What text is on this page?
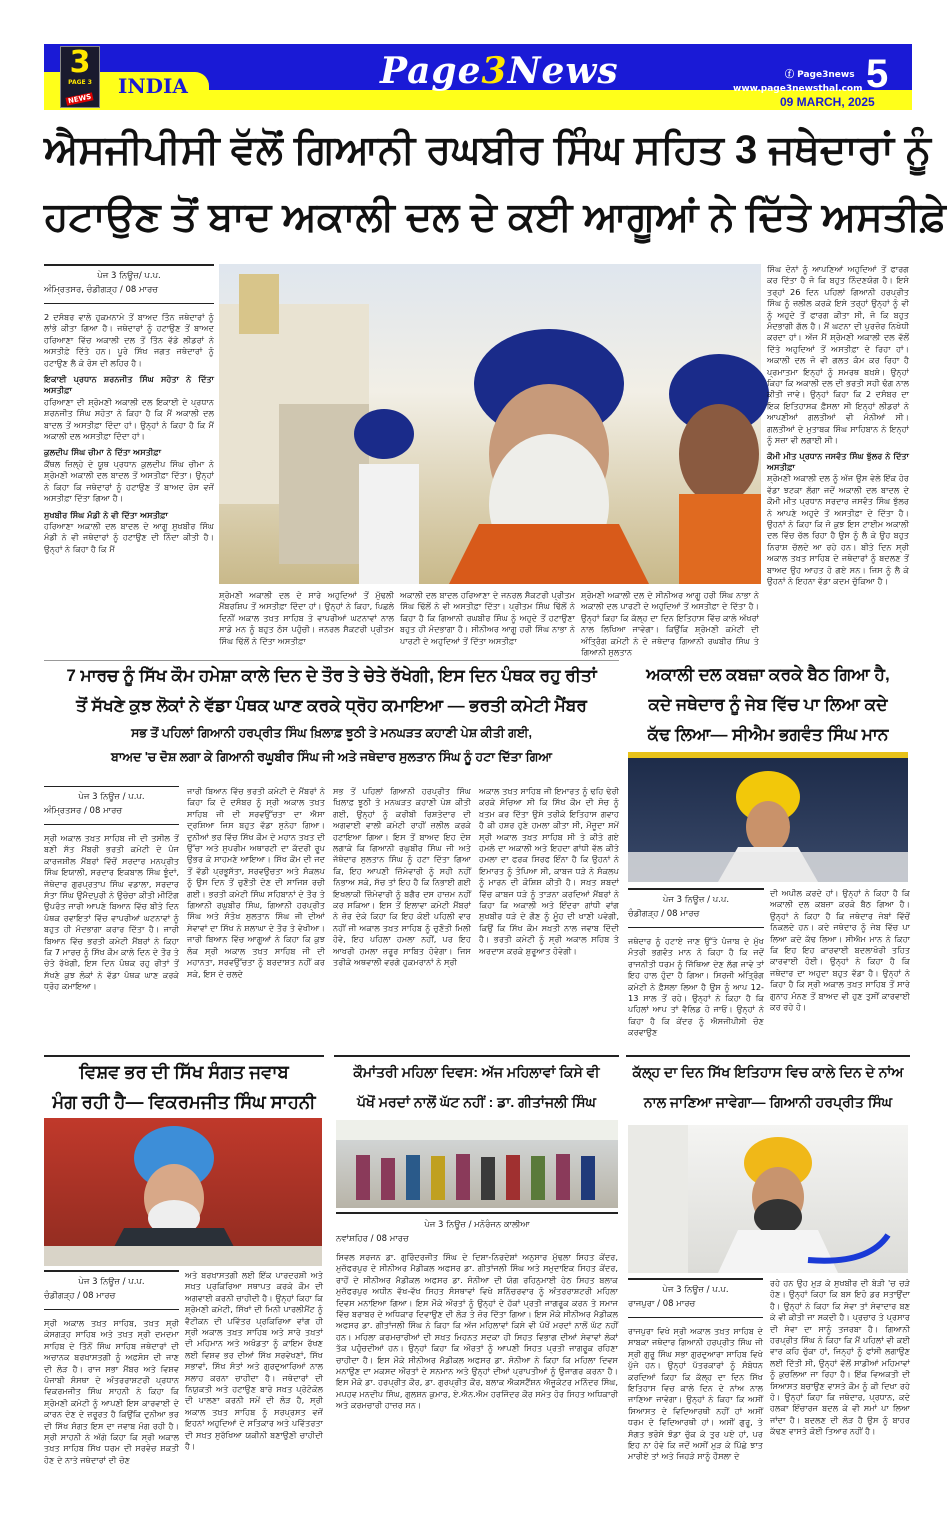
3
PAGE 3
NEWS
INDIA	Page3News	ⓕ Page3news
www.page3newsthal.com 5
09 MARCH, 2025
ਐਸਜੀਪੀਸੀ ਵੱਲੋਂ ਗਿਆਨੀ ਰਘਬੀਰ ਸਿੰਘ ਸਹਿਤ 3 ਜਥੇਦਾਰਾਂ ਨੂੰ
ਹਟਾਉਣ ਤੋਂ ਬਾਦ ਅਕਾਲੀ ਦਲ ਦੇ ਕਈ ਆਗੂਆਂ ਨੇ ਦਿੱਤੇ ਅਸਤੀਫ਼ੇ
ਪੇਜ 3 ਨਿਊਜ਼/ ਪ.ਪ.
ਅੰਮ੍ਰਿਤਸਰ, ਚੰਡੀਗੜ੍ਹ / 08 ਮਾਰਚ

2 ਦਸੰਬਰ ਵਾਲੇ ਹੁਕਮਨਾਮੇ ਤੋਂ ਬਾਅਦ ਤਿੰਨ ਜਥੇਦਾਰਾਂ ਨੂੰ ਲਾਂਭੇ ਕੀਤਾ ਗਿਆ ਹੈ। ਜਥੇਦਾਰਾਂ ਨੂੰ ਹਟਾਉਣ ਤੋਂ ਬਾਅਦ ਹਰਿਆਣਾ ਵਿੱਚ ਅਕਾਲੀ ਦਲ ਤੋਂ ਤਿੰਨ ਵੱਡੇ ਲੀਡਰਾਂ ਨੇ ਅਸਤੀਫ਼ੇ ਦਿੱਤੇ ਹਨ। ਪੂਰੇ ਸਿੱਖ ਜਗਤ ਜਥੇਦਾਰਾਂ ਨੂੰ ਹਟਾਉਣ ਲੈ ਕੇ ਰੋਸ ਦੀ ਲਹਿਰ ਹੈ।

ਇਕਾਈ ਪ੍ਰਧਾਨ ਸ਼ਰਨਜੀਤ ਸਿੰਘ ਸਹੋਤਾ ਨੇ ਦਿੱਤਾ ਅਸਤੀਫ਼ਾ

ਹਰਿਆਣਾ ਦੀ ਸ਼੍ਰੋਮਣੀ ਅਕਾਲੀ ਦਲ ਇਕਾਈ ਦੇ ਪ੍ਰਧਾਨ ਸ਼ਰਨਜੀਤ ਸਿੰਘ ਸਹੋਤਾ ਨੇ ਕਿਹਾ ਹੈ ਕਿ ਮੈਂ ਅਕਾਲੀ ਦਲ ਬਾਦਲ ਤੋਂ ਅਸਤੀਫ਼ਾ ਦਿੰਦਾ ਹਾਂ। ਉਨ੍ਹਾਂ ਨੇ ਕਿਹਾ ਹੈ ਕਿ ਮੈਂ ਅਕਾਲੀ ਦਲ ਅਸਤੀਫ਼ਾ ਦਿੰਦਾ ਹਾਂ।

ਕੁਲਦੀਪ ਸਿੰਘ ਚੀਮਾ ਨੇ ਦਿੱਤਾ ਅਸਤੀਫ਼ਾ

ਕੈਂਥਲ ਜ਼ਿਲ੍ਹੇ ਦੇ ਯੂਥ ਪ੍ਰਧਾਨ ਕੁਲਦੀਪ ਸਿੰਘ ਚੀਮਾ ਨੇ ਸ਼੍ਰੋਮਣੀ ਅਕਾਲੀ ਦਲ ਬਾਦਲ ਤੋਂ ਅਸਤੀਫ਼ਾ ਦਿੱਤਾ। ਉਨ੍ਹਾਂ ਨੇ ਕਿਹਾ ਕਿ ਜਥੇਦਾਰਾਂ ਨੂੰ ਹਟਾਉਣ ਤੋਂ ਬਾਅਦ ਰੋਸ ਵਜੋਂ ਅਸਤੀਫ਼ਾ ਦਿੱਤਾ ਗਿਆ ਹੈ।

ਸੁਖਬੀਰ ਸਿੰਘ ਮੰਡੀ ਨੇ ਵੀ ਦਿੱਤਾ ਅਸਤੀਫ਼ਾ

ਹਰਿਆਣਾ ਅਕਾਲੀ ਦਲ ਬਾਦਲ ਦੇ ਆਗੂ ਸੁਖਬੀਰ ਸਿੰਘ ਮੰਡੀ ਨੇ ਵੀ ਜਥੇਦਾਰਾਂ ਨੂੰ ਹਟਾਉਣ ਦੀ ਨਿੰਦਾ ਕੀਤੀ ਹੈ। ਉਨ੍ਹਾਂ ਨੇ ਕਿਹਾ ਹੈ ਕਿ ਮੈਂ

ਸ਼੍ਰੋਮਣੀ ਅਕਾਲੀ ਦਲ ਦੇ ਸਾਰੇ ਅਹੁਦਿਆਂ ਤੋਂ ਮੁੱਢਲੀ ਮੈਂਬਰਸ਼ਿਪ ਤੋਂ ਅਸਤੀਫ਼ਾ ਦਿੰਦਾ ਹਾਂ। ਉਨ੍ਹਾਂ ਨੇ ਕਿਹਾ, ਪਿਛਲੇ ਦਿਨੀਂ ਅਕਾਲ ਤਖ਼ਤ ਸਾਹਿਬ ਤੇ ਵਾਪਰੀਆਂ ਘਟਨਾਵਾਂ ਨਾਲ ਸਾਡੇ ਮਨ ਨੂੰ ਬਹੁਤ ਠੇਸ ਪਹੁੰਚੀ। ਜਨਰਲ ਸੈਕਟਰੀ ਪ੍ਰੀਤਮ ਸਿੰਘ ਢਿੱਲੋਂ ਨੇ ਦਿੱਤਾ ਅਸਤੀਫ਼ਾ
ਅਕਾਲੀ ਦਲ ਬਾਦਲ ਹਰਿਆਣਾ ਦੇ ਜਨਰਲ ਸੈਕਟਰੀ ਪ੍ਰੀਤਮ ਸਿੰਘ ਢਿੱਲੋਂ ਨੇ ਵੀ ਅਸਤੀਫ਼ਾ ਦਿੱਤਾ। ਪ੍ਰੀਤਮ ਸਿੰਘ ਢਿੱਲੋਂ ਨੇ ਕਿਹਾ ਹੈ ਕਿ ਗਿਆਨੀ ਰਘਬੀਰ ਸਿੰਘ ਨੂੰ ਅਹੁਦੇ ਤੋਂ ਹਟਾਉਣਾ ਬਹੁਤ ਹੀ ਮੰਦਭਾਗਾ ਹੈ। ਸੀਨੀਅਰ ਆਗੂ ਹਰੀ ਸਿੰਘ ਨਾਭਾ ਨੇ ਪਾਰਟੀ ਦੇ ਅਹੁਦਿਆਂ ਤੋਂ ਦਿੱਤਾ ਅਸਤੀਫ਼ਾ
ਸ਼੍ਰੋਮਣੀ ਅਕਾਲੀ ਦਲ ਦੇ ਸੀਨੀਅਰ ਆਗੂ ਹਰੀ ਸਿੰਘ ਨਾਭਾ ਨੇ ਅਕਾਲੀ ਦਲ ਪਾਰਟੀ ਦੇ ਅਹੁਦਿਆਂ ਤੋਂ ਅਸਤੀਫ਼ਾ ਦੇ ਦਿੱਤਾ ਹੈ। ਉਨ੍ਹਾਂ ਕਿਹਾ ਕਿ ਕੱਲ੍ਹ ਦਾ ਦਿਨ ਇਤਿਹਾਸ ਵਿੱਚ ਕਾਲੇ ਅੱਖਰਾਂ ਨਾਲ ਲਿਖਿਆ ਜਾਵੇਗਾ। ਕਿਉਂਕਿ ਸ਼੍ਰੋਮਣੀ ਕਮੇਟੀ ਦੀ ਅੰਤ੍ਰਿੰਗ ਕਮੇਟੀ ਨੇ ਦੋ ਜਥੇਦਾਰ ਗਿਆਨੀ ਰਘਬੀਰ ਸਿੰਘ ਤੇ ਗਿਆਨੀ ਸੁਲਤਾਨ

ਸਿੰਘ ਦੋਨਾਂ ਨੂੰ ਆਪਣਿਆਂ ਅਹੁਦਿਆਂ ਤੋਂ ਫਾਰਗ ਕਰ ਦਿੱਤਾ ਹੈ ਜੋ ਕਿ ਬਹੁਤ ਨਿੰਦਣਯੋਗ ਹੈ। ਇਸੇ ਤਰ੍ਹਾਂ 26 ਦਿਨ ਪਹਿਲਾਂ ਗਿਆਨੀ ਹਰਪ੍ਰੀਤ ਸਿੰਘ ਨੂੰ ਜ਼ਲੀਲ ਕਰਕੇ ਇਸੇ ਤਰ੍ਹਾਂ ਉਨ੍ਹਾਂ ਨੂੰ ਵੀ ਨੂੰ ਅਹੁਦੇ ਤੋਂ ਫਾਰਗ ਕੀਤਾ ਸੀ, ਜੋ ਕਿ ਬਹੁਤ ਮੰਦਭਾਗੀ ਗੱਲ ਹੈ। ਮੈਂ ਘਟਨਾ ਦੀ ਪੁਰਜ਼ੋਰ ਨਿਖੇਧੀ ਕਰਦਾ ਹਾਂ। ਅੱਜ ਮੈਂ ਸ਼੍ਰੋਮਣੀ ਅਕਾਲੀ ਦਲ ਵੱਲੋਂ ਦਿੱਤੇ ਅਹੁਦਿਆਂ ਤੋਂ ਅਸਤੀਫ਼ਾ ਦੇ ਰਿਹਾ ਹਾਂ। ਅਕਾਲੀ ਦਲ ਜੋ ਵੀ ਗਲਤ ਕੰਮ ਕਰ ਰਿਹਾ ਹੈ ਪ੍ਰਮਾਤਮਾ ਇਨ੍ਹਾਂ ਨੂੰ ਸਮਰਥ ਬਖ਼ਸ਼ੇ। ਉਨ੍ਹਾਂ ਕਿਹਾ ਕਿ ਅਕਾਲੀ ਦਲ ਦੀ ਭਰਤੀ ਸਹੀ ਢੰਗ ਨਾਲ ਕੀਤੀ ਜਾਵੇ। ਉਨ੍ਹਾਂ ਕਿਹਾ ਕਿ 2 ਦਸੰਬਰ ਦਾ ਇਕ ਇਤਿਹਾਸਕ ਫ਼ੈਸਲਾ ਸੀ ਇਨ੍ਹਾਂ ਲੀਡਰਾਂ ਨੇ ਆਪਣੀਆਂ ਗਲਤੀਆਂ ਵੀ ਮੰਨੀਆਂ ਸੀ। ਗਲਤੀਆਂ ਦੇ ਮੁਤਾਬਕ ਸਿੰਘ ਸਾਹਿਬਾਨ ਨੇ ਇਨ੍ਹਾਂ ਨੂੰ ਸਜ਼ਾ ਵੀ ਲਗਾਈ ਸੀ।

ਕੌਮੀ ਮੀਤ ਪ੍ਰਧਾਨ ਜਸਵੰਤ ਸਿੰਘ ਝੁੱਲਰ ਨੇ ਦਿੱਤਾ ਅਸਤੀਫ਼ਾ

ਸ਼੍ਰੋਮਣੀ ਅਕਾਲੀ ਦਲ ਨੂੰ ਅੱਜ ਉਸ ਵੇਲੇ ਇੱਕ ਹੋਰ ਵੱਡਾ ਝਟਕਾ ਲੱਗਾ ਜਦੋਂ ਅਕਾਲੀ ਦਲ ਬਾਦਲ ਦੇ ਕੌਮੀ ਮੀਤ ਪ੍ਰਧਾਨ ਸਰਦਾਰ ਜਸਵੰਤ ਸਿੰਘ ਝੁੱਲਰ ਨੇ ਆਪਣੇ ਅਹੁਦੇ ਤੋਂ ਅਸਤੀਫ਼ਾ ਦੇ ਦਿੱਤਾ ਹੈ। ਉਹਨਾਂ ਨੇ ਕਿਹਾ ਕਿ ਜੋ ਕੁਝ ਇਸ ਟਾਈਮ ਅਕਾਲੀ ਦਲ ਵਿੱਚ ਚੱਲ ਰਿਹਾ ਹੈ ਉਸ ਨੂੰ ਲੈ ਕੇ ਉਹ ਬਹੁਤ ਨਿਰਾਸ਼ ਚੱਲਦੇ ਆ ਰਹੇ ਹਨ। ਬੀਤੇ ਦਿਨ ਸ੍ਰੀ ਅਕਾਲ ਤਖ਼ਤ ਸਾਹਿਬ ਦੇ ਜਥੇਦਾਰਾਂ ਨੂੰ ਬਦਲਣ ਤੋਂ ਬਾਅਦ ਉਹ ਆਹਤ ਹੋ ਗਏ ਸਨ। ਜਿਸ ਨੂੰ ਲੈ ਕੇ ਉਹਨਾਂ ਨੇ ਇਹਨਾ ਵੱਡਾ ਕਦਮ ਚੁੱਕਿਆ ਹੈ।

7 ਮਾਰਚ ਨੂੰ ਸਿੱਖ ਕੌਮ ਹਮੇਸ਼ਾ ਕਾਲੇ ਦਿਨ ਦੇ ਤੌਰ ਤੇ ਚੇਤੇ ਰੱਖੇਗੀ, ਇਸ ਦਿਨ ਪੰਥਕ ਰਹੁ ਰੀਤਾਂ
ਤੋਂ ਸੱਖਣੇ ਕੁਝ ਲੋਕਾਂ ਨੇ ਵੱਡਾ ਪੰਥਕ ਘਾਣ ਕਰਕੇ ਧ੍ਰੋਹ ਕਮਾਇਆ — ਭਰਤੀ ਕਮੇਟੀ ਮੈਂਬਰ
ਸਭ ਤੋਂ ਪਹਿਲਾਂ ਗਿਆਨੀ ਹਰਪ੍ਰੀਤ ਸਿੰਘ ਖ਼ਿਲਾਫ਼ ਝੂਠੀ ਤੇ ਮਨਘੜਤ ਕਹਾਣੀ ਪੇਸ਼ ਕੀਤੀ ਗਈ,
ਬਾਅਦ 'ਚ ਦੋਸ਼ ਲਗਾ ਕੇ ਗਿਆਨੀ ਰਘੂਬੀਰ ਸਿੰਘ ਜੀ ਅਤੇ ਜਥੇਦਾਰ ਸੁਲਤਾਨ ਸਿੰਘ ਨੂੰ ਹਟਾ ਦਿੱਤਾ ਗਿਆ
ਪੇਜ 3 ਨਿਊਜ਼ / ਪ.ਪ.
ਅੰਮ੍ਰਿਤਸਰ / 08 ਮਾਰਚ

ਸ੍ਰੀ ਅਕਾਲ ਤਖ਼ਤ ਸਾਹਿਬ ਜੀ ਦੀ ਤਸੀਲ ਤੋਂ ਬਣੀ ਸੱਤ ਮੈਂਬਰੀ ਭਰਤੀ ਕਮੇਟੀ ਦੇ ਪੰਜ ਕਾਰਜਸ਼ੀਲ ਮੈਂਬਰਾਂ ਵਿੱਚੋਂ ਸਰਦਾਰ ਮਨਪ੍ਰੀਤ ਸਿੰਘ ਇਯਾਲੀ, ਸਰਦਾਰ ਇਕਬਾਲ ਸਿੰਘ ਝੂੰਦਾਂ, ਜੱਥੇਦਾਰ ਗੁਰਪ੍ਰਤਾਪ ਸਿੰਘ ਵਡਾਲਾ, ਸਰਦਾਰ ਸੰਤਾ ਸਿੰਘ ਉਮੈਦਪੁਰੀ ਨੇ ਉਚੇਚਾ ਕੀਤੀ ਮੀਟਿੰਗ ਉਪਰੰਤ ਜਾਰੀ ਆਪਣੇ ਬਿਆਨ ਵਿੱਚ ਬੀਤੇ ਦਿਨ ਪੰਥਕ ਰਵਾਇਤਾਂ ਵਿੱਚ ਵਾਪਰੀਆਂ ਘਟਨਾਵਾਂ ਨੂੰ ਬਹੁਤ ਹੀ ਮੰਦਭਾਗਾ ਕਰਾਰ ਦਿੱਤਾ ਹੈ। ਜਾਰੀ ਬਿਆਨ ਵਿੱਚ ਭਰਤੀ ਕਮੇਟੀ ਮੈਂਬਰਾਂ ਨੇ ਕਿਹਾ ਕਿ 7 ਮਾਰਚ ਨੂੰ ਸਿੱਖ ਕੌਮ ਕਾਲੇ ਦਿਨ ਦੇ ਤੌਰ ਤੇ ਚੇਤੇ ਰੱਖੇਗੀ, ਇਸ ਦਿਨ ਪੰਥਕ ਰਹੁ ਰੀਤਾਂ ਤੋਂ ਸੱਖਣੇ ਕੁਝ ਲੋਕਾਂ ਨੇ ਵੱਡਾ ਪੰਥਕ ਘਾਣ ਕਰਕੇ ਧ੍ਰੋਹ ਕਮਾਇਆ।

ਜਾਰੀ ਬਿਆਨ ਵਿੱਚ ਭਰਤੀ ਕਮੇਟੀ ਦੇ ਮੈਂਬਰਾਂ ਨੇ ਕਿਹਾ ਕਿ ਦੋ ਦਸੰਬਰ ਨੂੰ ਸ੍ਰੀ ਅਕਾਲ ਤਖ਼ਤ ਸਾਹਿਬ ਜੀ ਦੀ ਸਰਵਉੱਚਤਾ ਦਾ ਐਸਾ ਦ੍ਰਸ਼ਿਆ ਜਿਸ ਬਹੁਤ ਵੱਡਾ ਸੁਨੇਹਾ ਗਿਆ। ਦੁਨੀਆਂ ਭਰ ਵਿੱਚ ਸਿੱਖ ਕੌਮ ਦੇ ਮਹਾਨ ਤਖ਼ਤ ਦੀ ਉੱਚਾ ਅਤੇ ਸੁਪਰੀਮ ਅਥਾਰਟੀ ਦਾ ਕੱਦਰੀ ਰੂਪ ਉਭਰ ਕੇ ਸਾਹਮਣੇ ਆਇਆ। ਸਿੱਖ ਕੌਮ ਦੀ ਜਦ ਤੋਂ ਵੱਡੀ ਪ੍ਰਭੂਸੱਤਾ, ਸਰਵਉਚਤਾ ਅਤੇ ਸੰਕਲਪ ਨੂੰ ਉਸ ਦਿਨ ਤੋਂ ਚੁਣੌਤੀ ਦੇਣ ਦੀ ਸਾਜਿਸ਼ ਰਚੀ ਗਈ। ਭਰਤੀ ਕਮੇਟੀ ਸਿੰਘ ਸਹਿਬਾਨਾਂ ਦੇ ਤੌਰ ਤੇ ਗਿਆਨੀ ਰਘੁਬੀਰ ਸਿੰਘ, ਗਿਆਨੀ ਹਰਪ੍ਰੀਤ ਸਿੰਘ ਅਤੇ ਸੰਤੋਖ ਸੁਲਤਾਨ ਸਿੰਘ ਜੀ ਦੀਆਂ ਸੇਵਾਵਾਂ ਦਾ ਸਿੱਖ ਨੇ ਸ਼ਲਾਘਾ ਦੇ ਤੌਰ ਤੇ ਵੇਖੀਆ। ਜਾਰੀ ਬਿਆਨ ਵਿੱਚ ਆਗੂਆਂ ਨੇ ਕਿਹਾ ਕਿ ਕੁਝ ਲੋਕ ਸ੍ਰੀ ਅਕਾਲ ਤਖ਼ਤ ਸਾਹਿਬ ਜੀ ਦੀ ਮਹਾਨਤਾ, ਸਰਵਉੱਚਤਾ ਨੂੰ ਬਰਦਾਸ਼ਤ ਨਹੀਂ ਕਰ ਸਕੇ, ਇਸ ਦੇ ਚਲਦੇ
ਸਭ ਤੋਂ ਪਹਿਲਾਂ ਗਿਆਨੀ ਹਰਪ੍ਰੀਤ ਸਿੰਘ ਖ਼ਿਲਾਫ਼ ਝੂਠੀ ਤੇ ਮਨਘੜਤ ਕਹਾਣੀ ਪੇਸ਼ ਕੀਤੀ ਗਈ, ਉਨ੍ਹਾਂ ਨੂੰ ਕਰੀਬੀ ਰਿਸ਼ਤੇਦਾਰ ਦੀ ਅਗਵਾਈ ਵਾਲੀ ਕਮੇਟੀ ਰਾਹੀਂ ਜ਼ਲੀਲ ਕਰਕੇ ਹਟਾਇਆ ਗਿਆ। ਇਸ ਤੋਂ ਬਾਅਦ ਇਹ ਦੋਸ਼ ਲਗਾਕੇ ਕਿ ਗਿਆਨੀ ਰਘੁਬੀਰ ਸਿੰਘ ਜੀ ਅਤੇ ਜੱਥੇਦਾਰ ਸੁਲਤਾਨ ਸਿੰਘ ਨੂੰ ਹਟਾ ਦਿੱਤਾ ਗਿਆ ਕਿ, ਇਹ ਆਪਣੀ ਜ਼ਿੰਮੇਵਾਰੀ ਨੂੰ ਸਹੀ ਨਹੀਂ ਨਿਭਾਅ ਸਕੇ, ਸੱਚ ਤਾਂ ਇਹ ਹੈ ਕਿ ਨਿਭਾਈ ਗਈ ਇਖਲਾਕੀ ਜ਼ਿੰਮੇਵਾਰੀ ਨੂੰ ਬਗੈਰ ਦਸ ਹਾਜ਼ਮ ਨਹੀਂ ਕਰ ਸਕਿਆ। ਇਸ ਤੋਂ ਇਲਾਵਾ ਕਮੇਟੀ ਮੈਂਬਰਾਂ ਨੇ ਜ਼ੋਰ ਦੇਕੇ ਕਿਹਾ ਕਿ ਇਹ ਕੋਈ ਪਹਿਲੀ ਵਾਰ ਨਹੀਂ ਜੀ ਅਕਾਲ ਤਖ਼ਤ ਸਾਹਿਬ ਨੂੰ ਚੁਣੌਤੀ ਮਿਲੀ ਹੋਵੇ, ਇਹ ਪਹਿਲਾ ਹਮਲਾ ਨਹੀਂ, ਪਰ ਇਹ ਆਖਰੀ ਹਮਲਾ ਜ਼ਰੂਰ ਸਾਬਿਤ ਹੋਵੇਗਾ। ਜਿਸ ਤਰੀਕੇ ਅਥਵਾਲੀ ਵਰਗੇ ਹੁਕਮਰਾਨਾਂ ਨੇ ਸ੍ਰੀ
ਅਕਾਲ ਤਖ਼ਤ ਸਾਹਿਬ ਜੀ ਇਮਾਰਤ ਨੂੰ ਢਹਿ ਢੇਰੀ ਕਰਕੇ ਸੋਚਿਆ ਸੀ ਕਿ ਸਿੱਖ ਕੌਮ ਦੀ ਸੋਚ ਨੂੰ ਖ਼ਤਮ ਕਰ ਦਿੱਤਾ ਉਸੇ ਤਰੀਕੇ ਇਤਿਹਾਸ ਗਵਾਹ ਹੈ ਕੀ ਹਸ਼ਰ ਹੁਣੇ ਹਮਲਾ ਕੀਤਾ ਸੀ, ਮੌਜੂਦਾ ਸਮੇਂ ਸ੍ਰੀ ਅਕਾਲ ਤਖ਼ਤ ਸਾਹਿਬ ਸੀ ਤੇ ਕੀਤੇ ਗਏ ਹਮਲੇ ਦਾ ਅਕਾਲੀ ਅਤੇ ਇਹਦਾ ਗਾਂਧੀ ਵੱਲ ਕੀਤੇ ਹਮਲਾ ਦਾ ਫਰਕ ਸਿਰਫ ਇੰਨਾ ਹੈ ਕਿ ਉਹਨਾਂ ਨੇ ਇਮਾਰਤ ਨੂੰ ਤੋਪਿਆ ਸੀ, ਕਾਬਜ ਧੜੇ ਨੇ ਸੰਕਲਪ ਨੂੰ ਮਾਰਨ ਦੀ ਕੋਸ਼ਿਸ਼ ਕੀਤੀ ਹੈ। ਸਖ਼ਤ ਸ਼ਬਦਾਂ ਵਿੱਚ ਕਾਬਜ ਧੜੇ ਨੂੰ ਤਾੜਨਾ ਕਰਦਿਆਂ ਮੈਂਬਰਾਂ ਨੇ ਕਿਹਾ ਕਿ ਅਕਾਲੀ ਅਤੇ ਇੰਦਰਾ ਗਾਂਧੀ ਵਾਂਗ ਸੁਖਬੀਰ ਧੜੇ ਦੇ ਗੌਣ ਨੂੰ ਮੂੰਹ ਦੀ ਖਾਣੀ ਪਵੇਗੀ, ਕਿਉਂ ਕਿ ਸਿੱਖ ਕੌਮ ਸਖ਼ਤੀ ਨਾਲ ਜਵਾਬ ਦਿੰਦੀ ਹੈ। ਭਰਤੀ ਕਮੇਟੀ ਨੂੰ ਸ੍ਰੀ ਅਕਾਲ ਸਹਿਬ ਤੇ ਅਰਦਾਸ ਕਰਕੇ ਸ਼ੁਰੂਆਤ ਹੋਵੇਗੀ।
ਅਕਾਲੀ ਦਲ ਕਬਜ਼ਾ ਕਰਕੇ ਬੈਠ ਗਿਆ ਹੈ,
ਕਦੇ ਜਥੇਦਾਰ ਨੂੰ ਜੇਬ ਵਿੱਚ ਪਾ ਲਿਆ ਕਦੇ
ਕੱਢ ਲਿਆ— ਸੀਐਮ ਭਗਵੰਤ ਸਿੰਘ ਮਾਨ
ਪੇਜ 3 ਨਿਊਜ਼ / ਪ.ਪ.
ਚੰਡੀਗੜ੍ਹ / 08 ਮਾਰਚ

ਜਥੇਦਾਰ ਨੂੰ ਹਟਾਏ ਜਾਣ ਉੱਤੇ ਪੰਜਾਬ ਦੇ ਮੁੱਖ ਮੰਤਰੀ ਭਗਵੰਤ ਮਾਨ ਨੇ ਕਿਹਾ ਹੈ ਕਿ ਜਦੋਂ ਰਾਜਨੀਤੀ ਧਰਮ ਨੂੰ ਜਿੱਥਿਆ ਦੇਣ ਲੱਗ ਜਾਵੇ ਤਾਂ ਇਹ ਹਾਲ ਹੁੰਦਾ ਹੈ ਗਿਆ। ਸਿਰਜੀ ਅੰਤ੍ਰਿੰਗ ਕਮੇਟੀ ਨੇ ਫ਼ੈਸਲਾ ਲਿਆ ਹੈ ਉਸ ਨੂੰ ਆਪ 12-13 ਸਾਲ ਤੋਂ ਰਹੇ। ਉਨ੍ਹਾਂ ਨੇ ਕਿਹਾ ਹੈ ਕਿ ਪਹਿਲਾਂ ਆਪ ਤਾਂ ਵੈਲਿਡ ਹੋ ਜਾਓ। ਉਨ੍ਹਾਂ ਨੇ ਕਿਹਾ ਹੈ ਕਿ ਕੇਂਦਰ ਨੂੰ ਐਸਜੀਪੀਸੀ ਚੋਣ ਕਰਵਾਉਣ

ਦੀ ਅਪੀਲ ਕਰਦੇ ਹਾਂ। ਉਨ੍ਹਾਂ ਨੇ ਕਿਹਾ ਹੈ ਕਿ ਅਕਾਲੀ ਦਲ ਕਬਜ਼ਾ ਕਰਕੇ ਬੈਠ ਗਿਆ ਹੈ। ਉਨ੍ਹਾਂ ਨੇ ਕਿਹਾ ਹੈ ਕਿ ਜਥੇਦਾਰ ਜੇਬਾਂ ਵਿੱਚੋਂ ਨਿਕਲਦੇ ਹਨ। ਕਦੇ ਜਥੇਦਾਰ ਨੂੰ ਜੇਬ ਵਿੱਚ ਪਾ ਲਿਆ ਕਦੇ ਕੱਢ ਲਿਆ। ਸੀਐਮ ਮਾਨ ਨੇ ਕਿਹਾ ਕਿ ਇਹ ਇਹ ਕਾਰਵਾਈ ਬਦਲਾਖੋਰੀ ਤਹਿਤ ਕਾਰਵਾਈ ਹੋਈ। ਉਨ੍ਹਾਂ ਨੇ ਕਿਹਾ ਹੈ ਕਿ ਜਥੇਦਾਰ ਦਾ ਅਹੁਦਾ ਬਹੁਤ ਵੱਡਾ ਹੈ। ਉਨ੍ਹਾਂ ਨੇ ਕਿਹਾ ਹੈ ਕਿ ਸ੍ਰੀ ਅਕਾਲ ਤਖ਼ਤ ਸਾਹਿਬ ਤੋਂ ਸਾਰੇ ਗੁਨਾਹ ਮੰਨਣ ਤੋਂ ਬਾਅਦ ਵੀ ਹੁਣ ਤੁਸੀਂ ਕਾਰਵਾਈ ਕਰ ਰਹੇ ਹੋ।
ਵਿਸ਼ਵ ਭਰ ਦੀ ਸਿੱਖ ਸੰਗਤ ਜਵਾਬ
ਮੰਗ ਰਹੀ ਹੈ— ਵਿਕਰਮਜੀਤ ਸਿੰਘ ਸਾਹਨੀ
ਪੇਜ 3 ਨਿਊਜ਼ / ਪ.ਪ.
ਚੰਡੀਗੜ੍ਹ / 08 ਮਾਰਚ

ਸ੍ਰੀ ਅਕਾਲ ਤਖ਼ਤ ਸਾਹਿਬ, ਤਖ਼ਤ ਸ੍ਰੀ ਕੇਸਗੜ੍ਹ ਸਾਹਿਬ ਅਤੇ ਤਖ਼ਤ ਸ੍ਰੀ ਦਮਦਮਾ ਸਾਹਿਬ ਦੇ ਤਿੰਨੋਂ ਸਿੰਘ ਸਾਹਿਬ ਜਥੇਦਾਰਾਂ ਦੀ ਅਚਾਨਕ ਬਰਖ਼ਾਸਤਗੀ ਨੂੰ ਅਫ਼ਸੋਸ ਦੀ ਜਾਣ ਦੀ ਲੋੜ ਹੈ। ਰਾਜ ਸਭਾ ਮੈਂਬਰ ਅਤੇ ਵਿਸ਼ਵ ਪੰਜਾਬੀ ਸੰਸਥਾ ਦੇ ਅੰਤਰਰਾਸ਼ਟਰੀ ਪ੍ਰਧਾਨ ਵਿਕਰਮਜੀਤ ਸਿੰਘ ਸਾਹਨੀ ਨੇ ਕਿਹਾ ਕਿ ਸ਼੍ਰੋਮਣੀ ਕਮੇਟੀ ਨੂੰ ਆਪਣੀ ਇਸ ਕਾਰਵਾਈ ਦੇ ਕਾਰਨ ਦੇਣ ਦੇ ਜ਼ਰੂਰਤ ਹੈ ਕਿਉਂਕਿ ਦੁਨੀਆ ਭਰ ਦੀ ਸਿੱਖ ਸੰਗਤ ਇਸ ਦਾ ਜਵਾਬ ਮੰਗ ਰਹੀ ਹੈ। ਸ੍ਰੀ ਸਾਹਨੀ ਨੇ ਅੱਗੇ ਕਿਹਾ ਕਿ ਸ੍ਰੀ ਅਕਾਲ ਤਖ਼ਤ ਸਾਹਿਬ ਸਿੱਖ ਧਰਮ ਦੀ ਸਰਵੋਚ ਸ਼ਕਤੀ ਹੋਣ ਦੇ ਨਾਤੇ ਜਥੇਦਾਰਾਂ ਦੀ ਚੋਣ

ਅਤੇ ਬਰਖ਼ਾਸਤਗੀ ਲਈ ਇੱਕ ਪਾਰਦਰਸ਼ੀ ਅਤੇ ਸਖ਼ਤ ਪ੍ਰਕਿਰਿਆ ਸਥਾਪਤ ਕਰਕੇ ਕੌਮ ਦੀ ਅਗਵਾਈ ਕਰਨੀ ਚਾਹੀਦੀ ਹੈ। ਉਨ੍ਹਾਂ ਕਿਹਾ ਕਿ ਸ਼੍ਰੋਮਣੀ ਕਮੇਟੀ, ਸਿੱਖਾਂ ਦੀ ਮਿਨੀ ਪਾਰਲੀਮੈਂਟ ਨੂੰ ਵੈਟੀਕਨ ਦੀ ਪਵਿੱਤਰ ਪ੍ਰਕਿਰਿਆ ਵਾਂਗ ਹੀ ਸ੍ਰੀ ਅਕਾਲ ਤਖ਼ਤ ਸਾਹਿਬ ਅਤੇ ਸਾਰੇ ਤਖ਼ਤਾਂ ਦੀ ਮਹਿਮਾਨ ਅਤੇ ਅਖੰਡਤਾ ਨੂੰ ਕਾਇਮ ਰੱਖਣ ਲਈ ਵਿਸ਼ਵ ਭਰ ਦੀਆਂ ਸਿੱਖ ਸਰਵੇਖਣਾਂ, ਸਿੱਖ ਸਭਾਵਾਂ, ਸਿੱਖ ਸੰਤਾਂ ਅਤੇ ਗੁਰਦੁਆਰਿਆਂ ਨਾਲ ਸਲਾਹ ਕਰਨਾ ਚਾਹੀਦਾ ਹੈ। ਜਥੇਦਾਰਾਂ ਦੀ ਨਿਯੁਕਤੀ ਅਤੇ ਹਟਾਉਣ ਬਾਰੇ ਸਖ਼ਤ ਪ੍ਰੋਟੋਕੋਲ ਦੀ ਪਾਲਣਾ ਕਰਨੀ ਸਮੇਂ ਦੀ ਲੋੜ ਹੈ, ਸ੍ਰੀ ਅਕਾਲ ਤਖ਼ਤ ਸਾਹਿਬ ਨੂੰ ਸਰਪ੍ਰਸਤ ਵਜੋਂ ਇਹਨਾਂ ਅਹੁਦਿਆਂ ਦੇ ਸਤਿਕਾਰ ਅਤੇ ਪਵਿੱਤਰਤਾ ਦੀ ਸਖ਼ਤ ਸੁਰੱਖਿਆ ਯਕੀਨੀ ਬਣਾਉਣੀ ਚਾਹੀਦੀ ਹੈ।
ਕੌਮਾਂਤਰੀ ਮਹਿਲਾ ਦਿਵਸ: ਅੱਜ ਮਹਿਲਾਵਾਂ ਕਿਸੇ ਵੀ
ਪੱਖੋਂ ਮਰਦਾਂ ਨਾਲੋਂ ਘੱਟ ਨਹੀਂ : ਡਾ. ਗੀਤਾਂਜਲੀ ਸਿੰਘ
ਪੇਜ 3 ਨਿਊਜ਼ / ਮਨੋਰੰਜਨ ਕਾਲੀਆ
ਨਵਾਂਸ਼ਹਿਰ / 08 ਮਾਰਚ
ਸਿਵਲ ਸਰਜਨ ਡਾ. ਗੁਰਿੰਦਰਜੀਤ ਸਿੰਘ ਦੇ ਦਿਸ਼ਾ-ਨਿਰਦੇਸ਼ਾਂ ਅਨੁਸਾਰ ਮੁੱਢਲਾ ਸਿਹਤ ਕੇਂਦਰ, ਮੁਜ਼ੱਫਰਪੁਰ ਦੇ ਸੀਨੀਅਰ ਮੈਡੀਕਲ ਅਫਸਰ ਡਾ. ਗੀਤਾਂਜਲੀ ਸਿੰਘ ਅਤੇ ਸਮੁਦਾਇਕ ਸਿਹਤ ਕੇਂਦਰ, ਰਾਹੋਂ ਦੇ ਸੀਨੀਅਰ ਮੈਡੀਕਲ ਅਫਸਰ ਡਾ. ਸੋਨੀਆ ਦੀ ਯੋਗ ਰਹਿਨੁਮਾਈ ਹੇਠ ਸਿਹਤ ਬਲਾਕ ਮੁਜ਼ੱਫਰਪੁਰ ਅਧੀਨ ਵੱਖ-ਵੱਖ ਸਿਹਤ ਸੰਸਥਾਵਾਂ ਵਿਖੇ ਸ਼ਨਿੱਚਰਵਾਰ ਨੂੰ ਅੰਤਰਰਾਸ਼ਟਰੀ ਮਹਿਲਾ ਦਿਵਸ ਮਨਾਇਆ ਗਿਆ। ਇਸ ਮੌਕੇ ਔਰਤਾਂ ਨੂੰ ਉਨ੍ਹਾਂ ਦੇ ਹੱਕਾਂ ਪ੍ਰਤੀ ਜਾਗਰੂਕ ਕਰਨ ਤੇ ਸਮਾਜ ਵਿੱਚ ਬਰਾਬਰ ਦੇ ਅਧਿਕਾਰ ਦਿਵਾਉਣ ਦੀ ਲੋੜ ਤੇ ਜ਼ੋਰ ਦਿੱਤਾ ਗਿਆ। ਇਸ ਮੌਕੇ ਸੀਨੀਅਰ ਮੈਡੀਕਲ ਅਫਸਰ ਡਾ. ਗੀਤਾਂਜਲੀ ਸਿੰਘ ਨੇ ਕਿਹਾ ਕਿ ਅੱਜ ਮਹਿਲਾਵਾਂ ਕਿਸੇ ਵੀ ਪੱਖੋਂ ਮਰਦਾਂ ਨਾਲੋਂ ਘੱਟ ਨਹੀਂ ਹਨ। ਮਹਿਲਾ ਕਰਮਚਾਰੀਆਂ ਦੀ ਸਖ਼ਤ ਮਿਹਨਤ ਸਦਕਾ ਹੀ ਸਿਹਤ ਵਿਭਾਗ ਦੀਆਂ ਸੇਵਾਵਾਂ ਲੋਕਾਂ ਤੱਕ ਪਹੁੰਚਦੀਆਂ ਹਨ। ਉਨ੍ਹਾਂ ਕਿਹਾ ਕਿ ਔਰਤਾਂ ਨੂੰ ਆਪਣੀ ਸਿਹਤ ਪ੍ਰਤੀ ਜਾਗਰੂਕ ਰਹਿਣਾ ਚਾਹੀਦਾ ਹੈ। ਇਸ ਮੌਕੇ ਸੀਨੀਅਰ ਮੈਡੀਕਲ ਅਫਸਰ ਡਾ. ਸੋਨੀਆ ਨੇ ਕਿਹਾ ਕਿ ਮਹਿਲਾ ਦਿਵਸ ਮਨਾਉਣ ਦਾ ਮਕਸਦ ਔਰਤਾਂ ਦੇ ਸਨਮਾਨ ਅਤੇ ਉਨ੍ਹਾਂ ਦੀਆਂ ਪ੍ਰਾਪਤੀਆਂ ਨੂੰ ਉਜਾਗਰ ਕਰਨਾ ਹੈ। ਇਸ ਮੌਕੇ ਡਾ. ਹਰਪ੍ਰੀਤ ਕੌਰ, ਡਾ. ਗੁਰਪ੍ਰੀਤ ਕੌਰ, ਬਲਾਕ ਐਕਸਟੈਂਸ਼ਨ ਐਜੂਕੇਟਰ ਮਨਿੰਦਰ ਸਿੰਘ, ਮਪਹਵ ਮਨਦੀਪ ਸਿੰਘ, ਗੁਲਸ਼ਨ ਕੁਮਾਰ, ਏ.ਐਨ.ਐਮ ਹਰਜਿੰਦਰ ਕੌਰ ਸਮੇਤ ਹੋਰ ਸਿਹਤ ਅਧਿਕਾਰੀ ਅਤੇ ਕਰਮਚਾਰੀ ਹਾਜ਼ਰ ਸਨ।
ਕੱਲ੍ਹ ਦਾ ਦਿਨ ਸਿੱਖ ਇਤਿਹਾਸ ਵਿਚ ਕਾਲੇ ਦਿਨ ਦੇ ਨਾਂਅ
ਨਾਲ ਜਾਣਿਆ ਜਾਵੇਗਾ— ਗਿਆਨੀ ਹਰਪ੍ਰੀਤ ਸਿੰਘ
ਪੇਜ 3 ਨਿਊਜ਼ / ਪ.ਪ.
ਰਾਜਪੁਰਾ / 08 ਮਾਰਚ

ਰਾਜਪੁਰਾ ਵਿਖੇ ਸ੍ਰੀ ਅਕਾਲ ਤਖ਼ਤ ਸਾਹਿਬ ਦੇ ਸਾਬਕਾ ਜਥੇਦਾਰ ਗਿਆਨੀ ਹਰਪ੍ਰੀਤ ਸਿੰਘ ਜੀ ਸ੍ਰੀ ਗੁਰੂ ਸਿੰਘ ਸਭਾ ਗੁਰਦੁਆਰਾ ਸਾਹਿਬ ਵਿਖੇ ਪੁੱਜੇ ਹਨ। ਉਨ੍ਹਾਂ ਪੱਤਰਕਾਰਾਂ ਨੂੰ ਸੰਬੋਧਨ ਕਰਦਿਆਂ ਕਿਹਾ ਕਿ ਕੱਲ੍ਹ ਦਾ ਦਿਨ ਸਿੱਖ ਇਤਿਹਾਸ ਵਿਚ ਕਾਲੇ ਦਿਨ ਦੇ ਨਾਂਅ ਨਾਲ ਜਾਣਿਆ ਜਾਵੇਗਾ। ਉਨ੍ਹਾਂ ਨੇ ਕਿਹਾ ਕਿ ਅਸੀਂ ਸਿਆਸਤ ਦੇ ਵਿਦਿਆਰਥੀ ਨਹੀਂ ਹਾਂ ਅਸੀਂ ਧਰਮ ਦੇ ਵਿਦਿਆਰਥੀ ਹਾਂ। ਅਸੀਂ ਗੁਰੂ, ਤੇ ਸੰਗਤ ਭਰੋਸੇ ਝੰਡਾ ਚੁੱਕ ਕੇ ਤੁਰ ਪਏ ਹਾਂ, ਪਰ ਇਹ ਨਾ ਹੋਵੇ ਕਿ ਜਦੋਂ ਅਸੀਂ ਮੁੜ ਕੇ ਪਿੱਛੇ ਝਾਤ ਮਾਰੀਏ ਤਾਂ ਅਤੇ ਜਿਹੜੇ ਸਾਨੂੰ ਹੌਸਲਾ ਦੇ

ਰਹੇ ਹਨ ਉਹ ਮੁੜ ਕੇ ਸੁਖਬੀਰ ਦੀ ਬੇੜੀ 'ਚ ਚੜੇ ਹੋਣ। ਉਨ੍ਹਾਂ ਕਿਹਾ ਕਿ ਬਸ ਇਹੋ ਡਰ ਸਤਾਉਂਦਾ ਹੈ। ਉਨ੍ਹਾਂ ਨੇ ਕਿਹਾ ਕਿ ਸੇਵਾ ਤਾਂ ਸੇਵਾਦਾਰ ਬਣ ਕੇ ਵੀ ਕੀਤੀ ਜਾ ਸਕਦੀ ਹੈ। ਪ੍ਰਚਾਰ ਤੇ ਪ੍ਰਸਾਰ ਦੀ ਸੇਵਾ ਦਾ ਸਾਨੂੰ ਤਜਰਬਾ ਹੈ। ਗਿਆਨੀ ਹਰਪ੍ਰੀਤ ਸਿੰਘ ਨੇ ਕਿਹਾ ਕਿ ਮੈਂ ਪਹਿਲਾਂ ਵੀ ਕਈ ਵਾਰ ਕਹਿ ਚੁੱਕਾ ਹਾਂ, ਜਿਨ੍ਹਾਂ ਨੂੰ ਫਾਂਸੀ ਲਗਾਉਣ ਲਈ ਦਿੱਤੀ ਸੀ, ਉਨ੍ਹਾਂ ਵੱਲੋਂ ਸਾਡੀਆਂ ਮਹਿਮਾਵਾਂ ਨੂੰ ਕੁਚਲਿਆ ਜਾ ਰਿਹਾ ਹੈ। ਇੱਕ ਵਿਅਕਤੀ ਦੀ ਸਿਆਸਤ ਬਚਾਉਣ ਵਾਸਤੇ ਕੌਮ ਨੂੰ ਕੀ ਦਿਖਾ ਰਹੇ ਹੋ। ਉਨ੍ਹਾਂ ਕਿਹਾ ਕਿ ਜਥੇਦਾਰ, ਪ੍ਰਧਾਨ, ਕਦੇ ਹਲਕਾ ਇੰਚਾਰਜ ਬਦਲ ਕੇ ਵੀ ਸਮਾਂ ਪਾ ਲਿਆ ਜਾਂਦਾ ਹੈ। ਬਦਲਣ ਦੀ ਲੋੜ ਹੈ ਉਸ ਨੂੰ ਬਾਹਰ ਕੱਢਣ ਵਾਸਤੇ ਕੋਈ ਤਿਆਰ ਨਹੀਂ ਹੈ।
